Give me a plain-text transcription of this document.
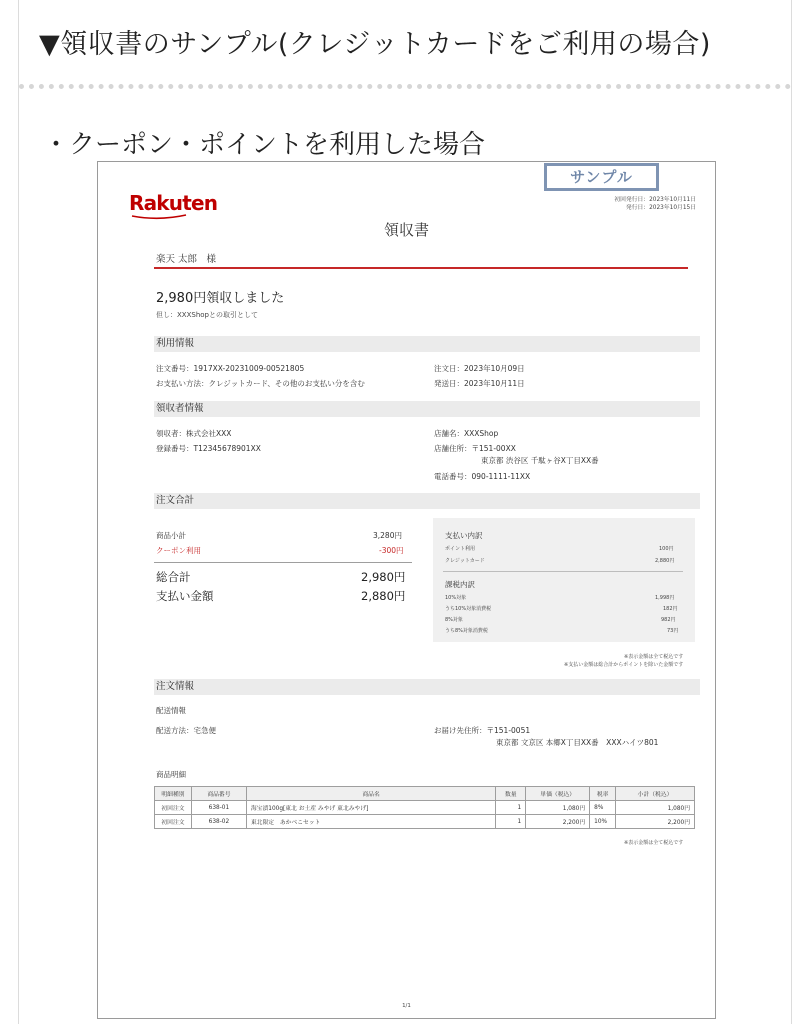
▼領収書のサンプル(クレジットカードをご利用の場合)
・クーポン・ポイントを利用した場合
サンプル
初回発行日：2023年10月11日
発行日：2023年10月15日
Rakuten
領収書
楽天 太郎　様
2,980円領収しました
但し：XXXShopとの取引として
利用情報
注文番号：1917XX-20231009-00521805
お支払い方法：クレジットカード、その他のお支払い分を含む
注文日：2023年10月09日
発送日：2023年10月11日
領収者情報
領収者：株式会社XXX
登録番号：T12345678901XX
店舗名：XXXShop
店舗住所：〒151-00XX
東京都 渋谷区 千駄ヶ谷X丁目XX番
電話番号：090-1111-11XX
注文合計
商品小計	3,280円
クーポン利用	-300円
総合計	2,980円
支払い金額	2,880円
支払い内訳
ポイント利用	100円
クレジットカード	2,880円
課税内訳
10%対象	1,998円
うち10%対象消費税	182円
8%対象	982円
うち8%対象消費税	73円
※表示金額は全て税込です
※支払い金額は総合計からポイントを除いた金額です
注文情報
配送情報
配送方法：宅急便	お届け先住所：〒151-0051
東京都 文京区 本郷X丁目XX番　XXXハイツ801
商品明細
明細種別	商品番号	商品名	数量	単価（税込）	税率	小計（税込）
初回注文	638-01	海宝漬100g[東北 お土産 みやげ 東北みやげ]	1	1,080円	8%	1,080円
初回注文	638-02	東北限定　あかべこセット	1	2,200円	10%	2,200円
※表示金額は全て税込です
1/1
